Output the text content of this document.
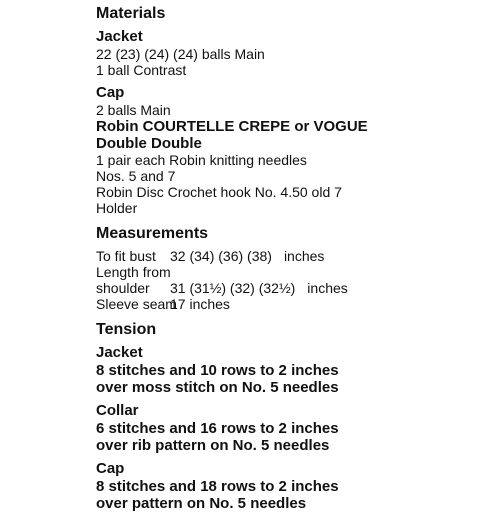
Materials
Jacket
22 (23) (24) (24) balls Main
1 ball Contrast
Cap
2 balls Main
Robin COURTELLE CREPE or VOGUE
Double Double
1 pair each Robin knitting needles
Nos. 5 and 7
Robin Disc Crochet hook No. 4.50 old 7
Holder
Measurements
To fit bust	32 (34) (36) (38) inches
Length from
shoulder	31 (31½) (32) (32½) inches
Sleeve seam
17 inches
Tension
Jacket
8 stitches and 10 rows to 2 inches
over moss stitch on No. 5 needles
Collar
6 stitches and 16 rows to 2 inches
over rib pattern on No. 5 needles
Cap
8 stitches and 18 rows to 2 inches
over pattern on No. 5 needles
